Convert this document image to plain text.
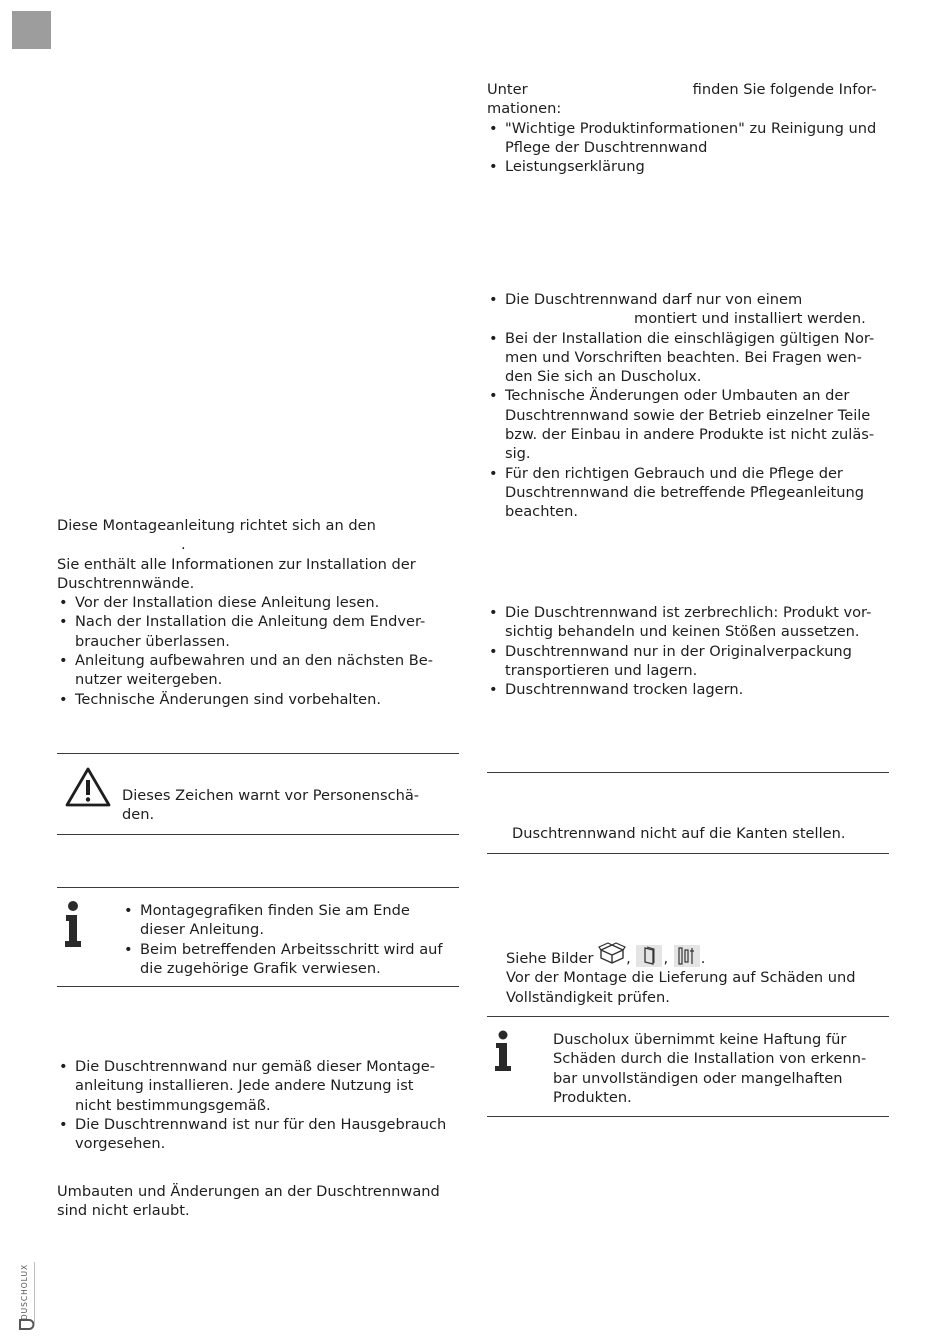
Diese Montageanleitung richtet sich an den

.

Sie enthält alle Informationen zur Installation der

Duschtrennwände.

• Vor der Installation diese Anleitung lesen.
• Nach der Installation die Anleitung dem Endver-
braucher überlassen.
• Anleitung aufbewahren und an den nächsten Be-
nutzer weitergeben.
• Technische Änderungen sind vorbehalten.

Dieses Zeichen warnt vor Personenschä-

den.

• Montagegrafiken finden Sie am Ende
dieser Anleitung.
• Beim betreffenden Arbeitsschritt wird auf
die zugehörige Grafik verwiesen.
• Die Duschtrennwand nur gemäß dieser Montage-
anleitung installieren. Jede andere Nutzung ist
nicht bestimmungsgemäß.
• Die Duschtrennwand ist nur für den Hausgebrauch
vorgesehen.

Umbauten und Änderungen an der Duschtrennwand

sind nicht erlaubt.

Unter	finden Sie folgende Infor-

mationen:

• "Wichtige Produktinformationen" zu Reinigung und
Pflege der Duschtrennwand
• Leistungserklärung
• Die Duschtrennwand darf nur von einem
montiert und installiert werden.
• Bei der Installation die einschlägigen gültigen Nor-
men und Vorschriften beachten. Bei Fragen wen-
den Sie sich an Duscholux.
• Technische Änderungen oder Umbauten an der
Duschtrennwand sowie der Betrieb einzelner Teile
bzw. der Einbau in andere Produkte ist nicht zuläs-
sig.
• Für den richtigen Gebrauch und die Pflege der
Duschtrennwand die betreffende Pflegeanleitung
beachten.
• Die Duschtrennwand ist zerbrechlich: Produkt vor-
sichtig behandeln und keinen Stößen aussetzen.
• Duschtrennwand nur in der Originalverpackung
transportieren und lagern.
• Duschtrennwand trocken lagern.

Duschtrennwand nicht auf die Kanten stellen.

Siehe Bilder , , .

Vor der Montage die Lieferung auf Schäden und

Vollständigkeit prüfen.

Duscholux übernimmt keine Haftung für

Schäden durch die Installation von erkenn-

bar unvollständigen oder mangelhaften

Produkten.

DUSCHOLUX
